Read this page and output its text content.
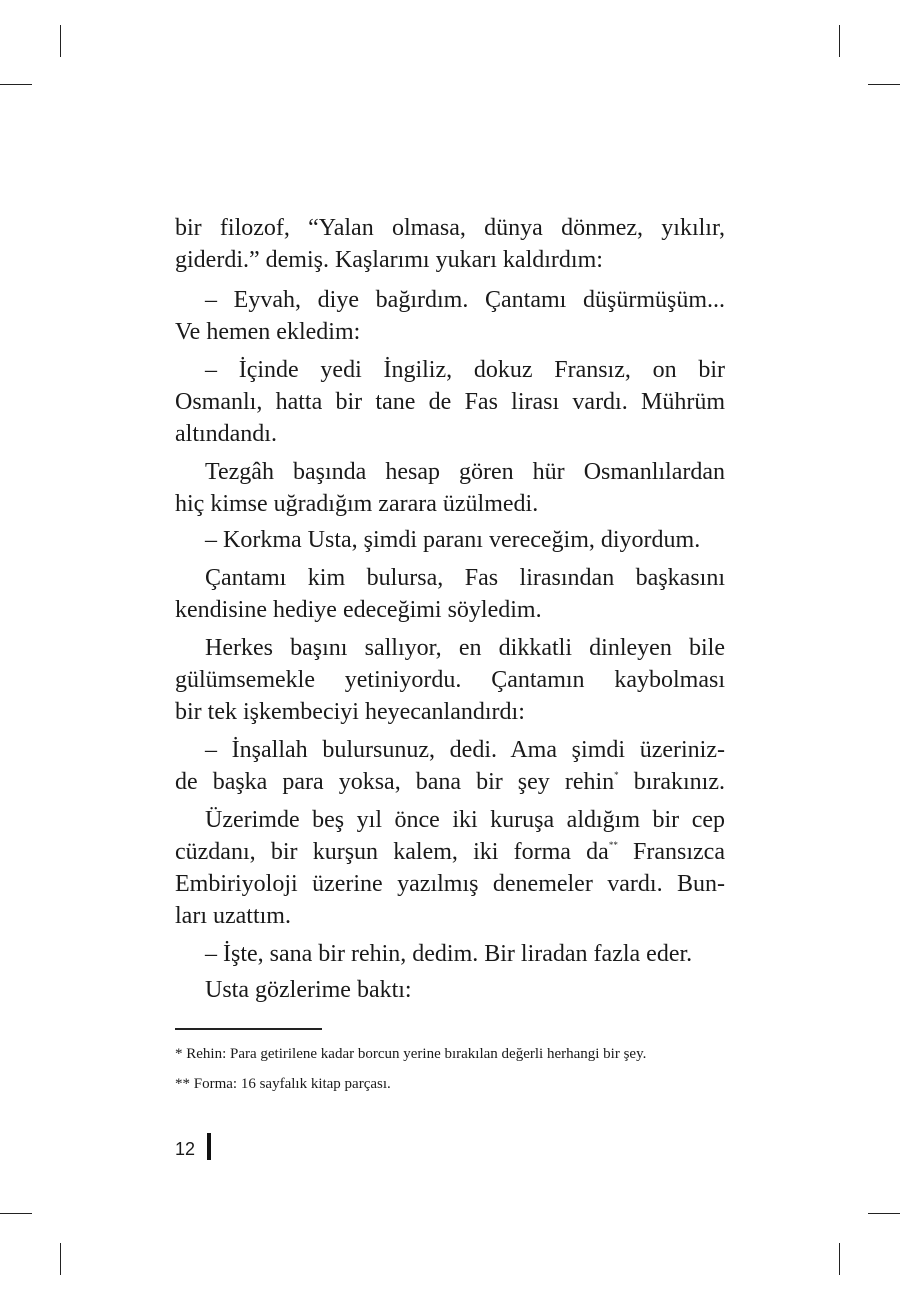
bir filozof, “Yalan olmasa, dünya dönmez, yıkılır,
giderdi.” demiş. Kaşlarımı yukarı kaldırdım:
– Eyvah, diye bağırdım. Çantamı düşürmüşüm...
Ve hemen ekledim:
– İçinde yedi İngiliz, dokuz Fransız, on bir
Osmanlı, hatta bir tane de Fas lirası vardı. Mührüm
altındandı.
Tezgâh başında hesap gören hür Osmanlılardan
hiç kimse uğradığım zarara üzülmedi.
– Korkma Usta, şimdi paranı vereceğim, diyordum.
Çantamı kim bulursa, Fas lirasından başkasını
kendisine hediye edeceğimi söyledim.
Herkes başını sallıyor, en dikkatli dinleyen bile
gülümsemekle yetiniyordu. Çantamın kaybolması
bir tek işkembeciyi heyecanlandırdı:
– İnşallah bulursunuz, dedi. Ama şimdi üzeriniz-
de başka para yoksa, bana bir şey rehin* bırakınız.
Üzerimde beş yıl önce iki kuruşa aldığım bir cep
cüzdanı, bir kurşun kalem, iki forma da** Fransızca
Embiriyoloji üzerine yazılmış denemeler vardı. Bun-
ları uzattım.
– İşte, sana bir rehin, dedim. Bir liradan fazla eder.
Usta gözlerime baktı:
* Rehin: Para getirilene kadar borcun yerine bırakılan değerli herhangi bir şey.
** Forma: 16 sayfalık kitap parçası.
12
